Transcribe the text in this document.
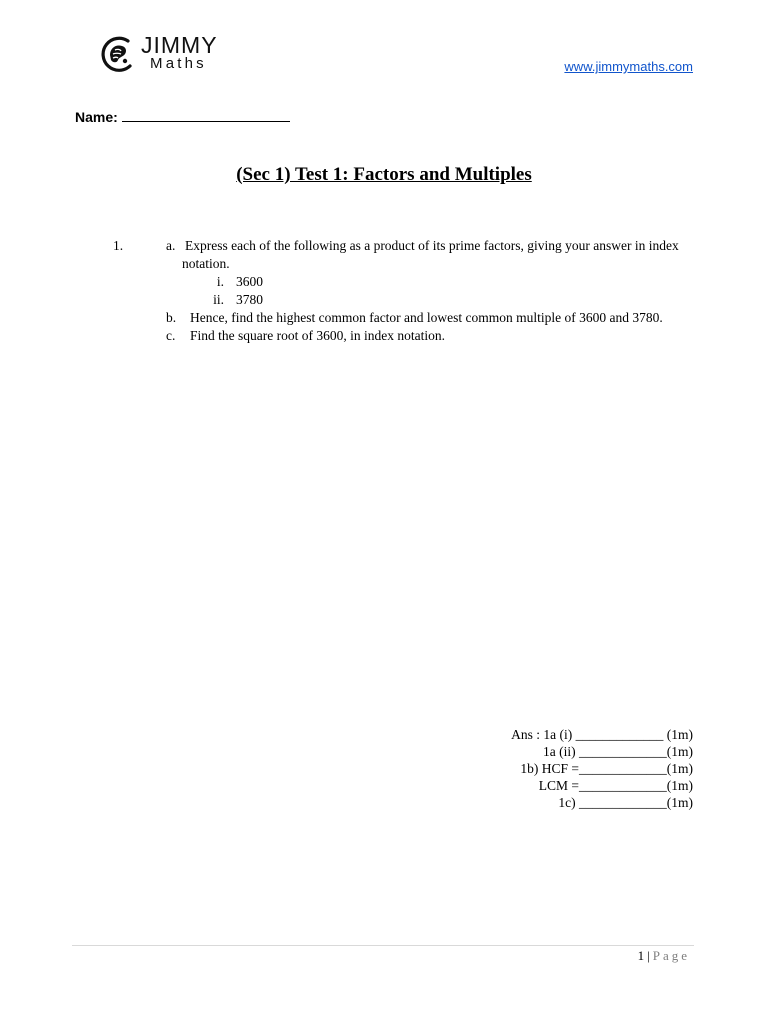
JIMMY
Maths	www.jimmymaths.com
Name:
(Sec 1) Test 1: Factors and Multiples
1.	a. Express each of the following as a product of its prime factors, giving your answer in index notation.
i. 3600
ii. 3780
b.	Hence, find the highest common factor and lowest common multiple of 3600 and 3780.
c.	Find the square root of 3600, in index notation.
Ans : 1a (i) _____________ (1m)
1a (ii) _____________(1m)
1b) HCF =_____________(1m)
LCM =_____________(1m)
1c) _____________(1m)
1 | Page
